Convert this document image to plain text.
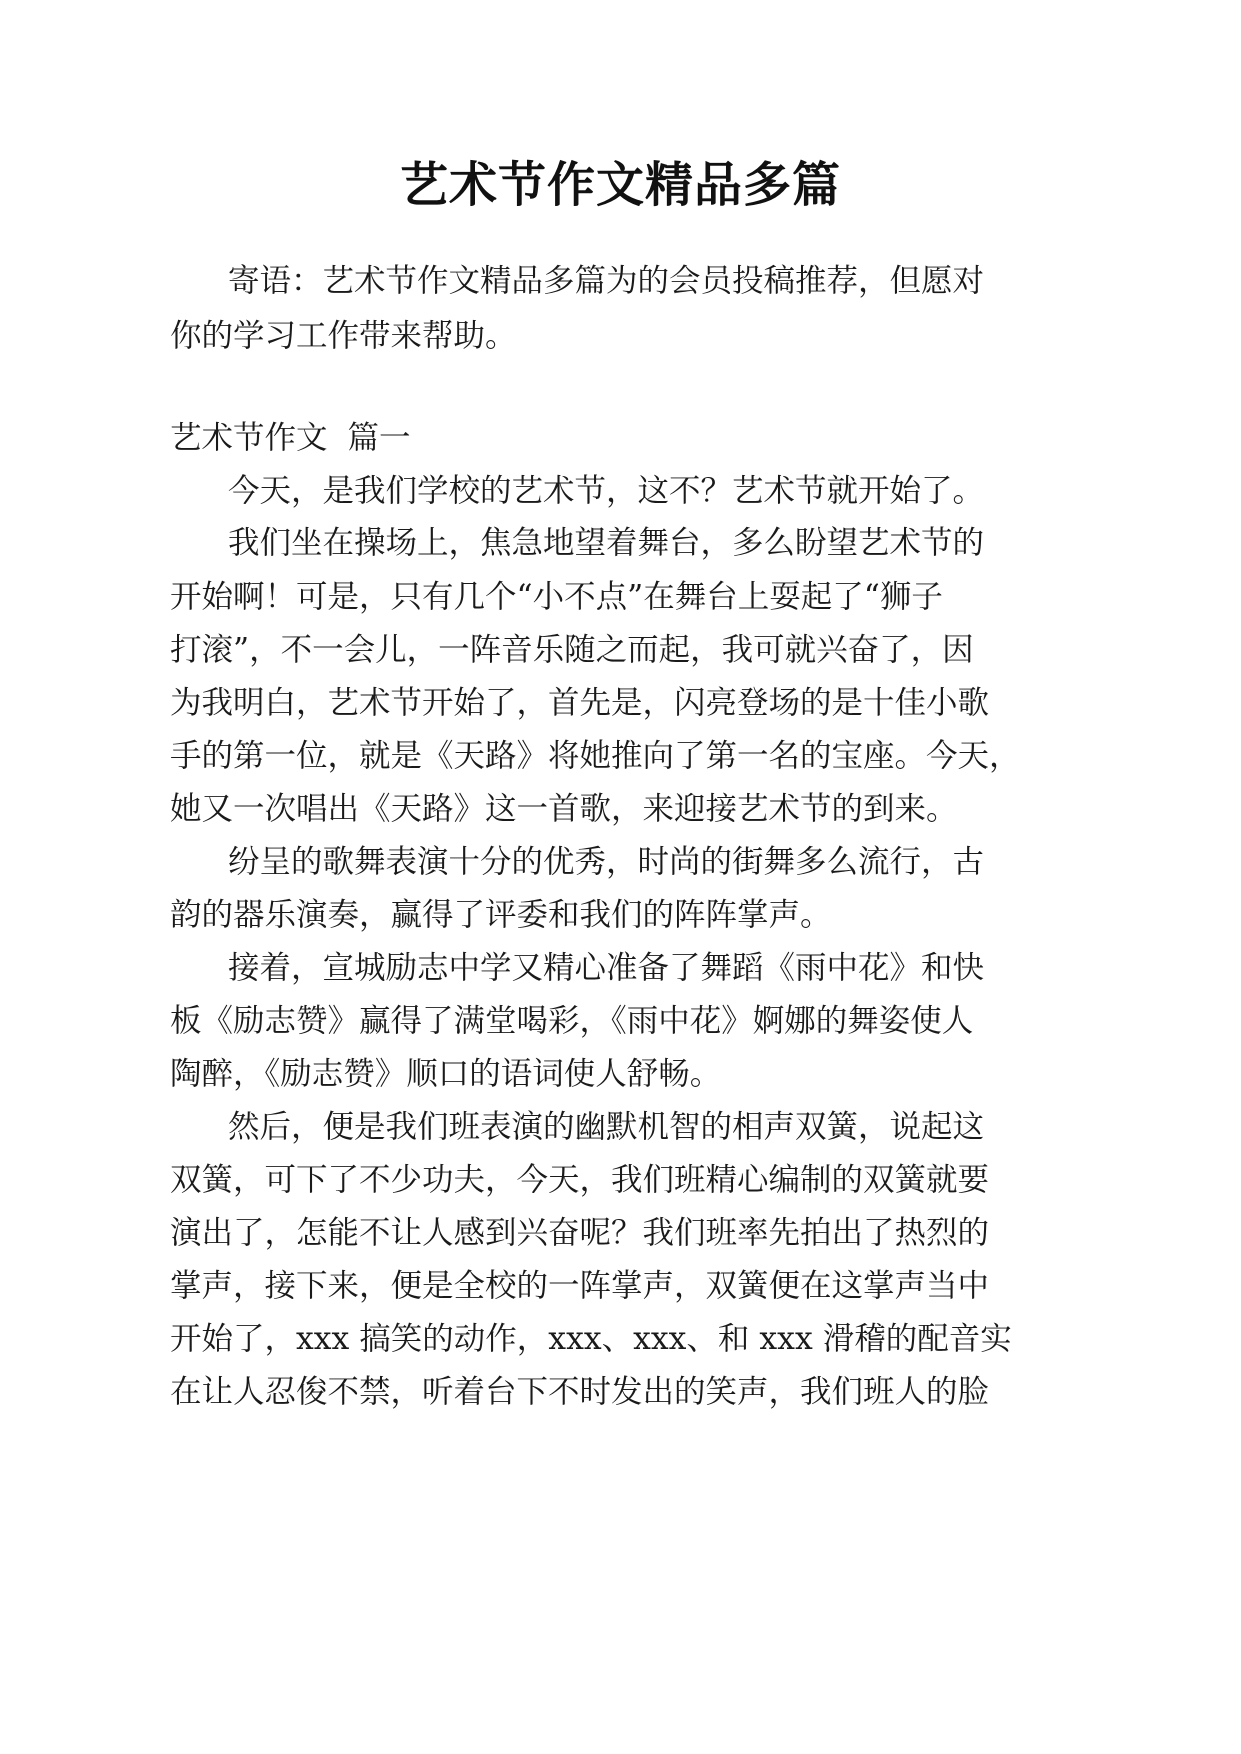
艺术节作文精品多篇
寄语：艺术节作文精品多篇为的会员投稿推荐，但愿对
你的学习工作带来帮助。
艺术节作文  篇一
今天，是我们学校的艺术节，这不？艺术节就开始了。
我们坐在操场上，焦急地望着舞台，多么盼望艺术节的
开始啊！可是，只有几个“小不点”在舞台上耍起了“狮子
打滚”，不一会儿，一阵音乐随之而起，我可就兴奋了，因
为我明白，艺术节开始了，首先是，闪亮登场的是十佳小歌
手的第一位，就是《天路》将她推向了第一名的宝座。今天，
她又一次唱出《天路》这一首歌，来迎接艺术节的到来。
纷呈的歌舞表演十分的优秀，时尚的街舞多么流行，古
韵的器乐演奏，赢得了评委和我们的阵阵掌声。
接着，宣城励志中学又精心准备了舞蹈《雨中花》和快
板《励志赞》赢得了满堂喝彩，《雨中花》婀娜的舞姿使人
陶醉，《励志赞》顺口的语词使人舒畅。
然后，便是我们班表演的幽默机智的相声双簧，说起这
双簧，可下了不少功夫，今天，我们班精心编制的双簧就要
演出了，怎能不让人感到兴奋呢？我们班率先拍出了热烈的
掌声，接下来，便是全校的一阵掌声，双簧便在这掌声当中
开始了，xxx 搞笑的动作，xxx、xxx、和 xxx 滑稽的配音实
在让人忍俊不禁，听着台下不时发出的笑声，我们班人的脸
